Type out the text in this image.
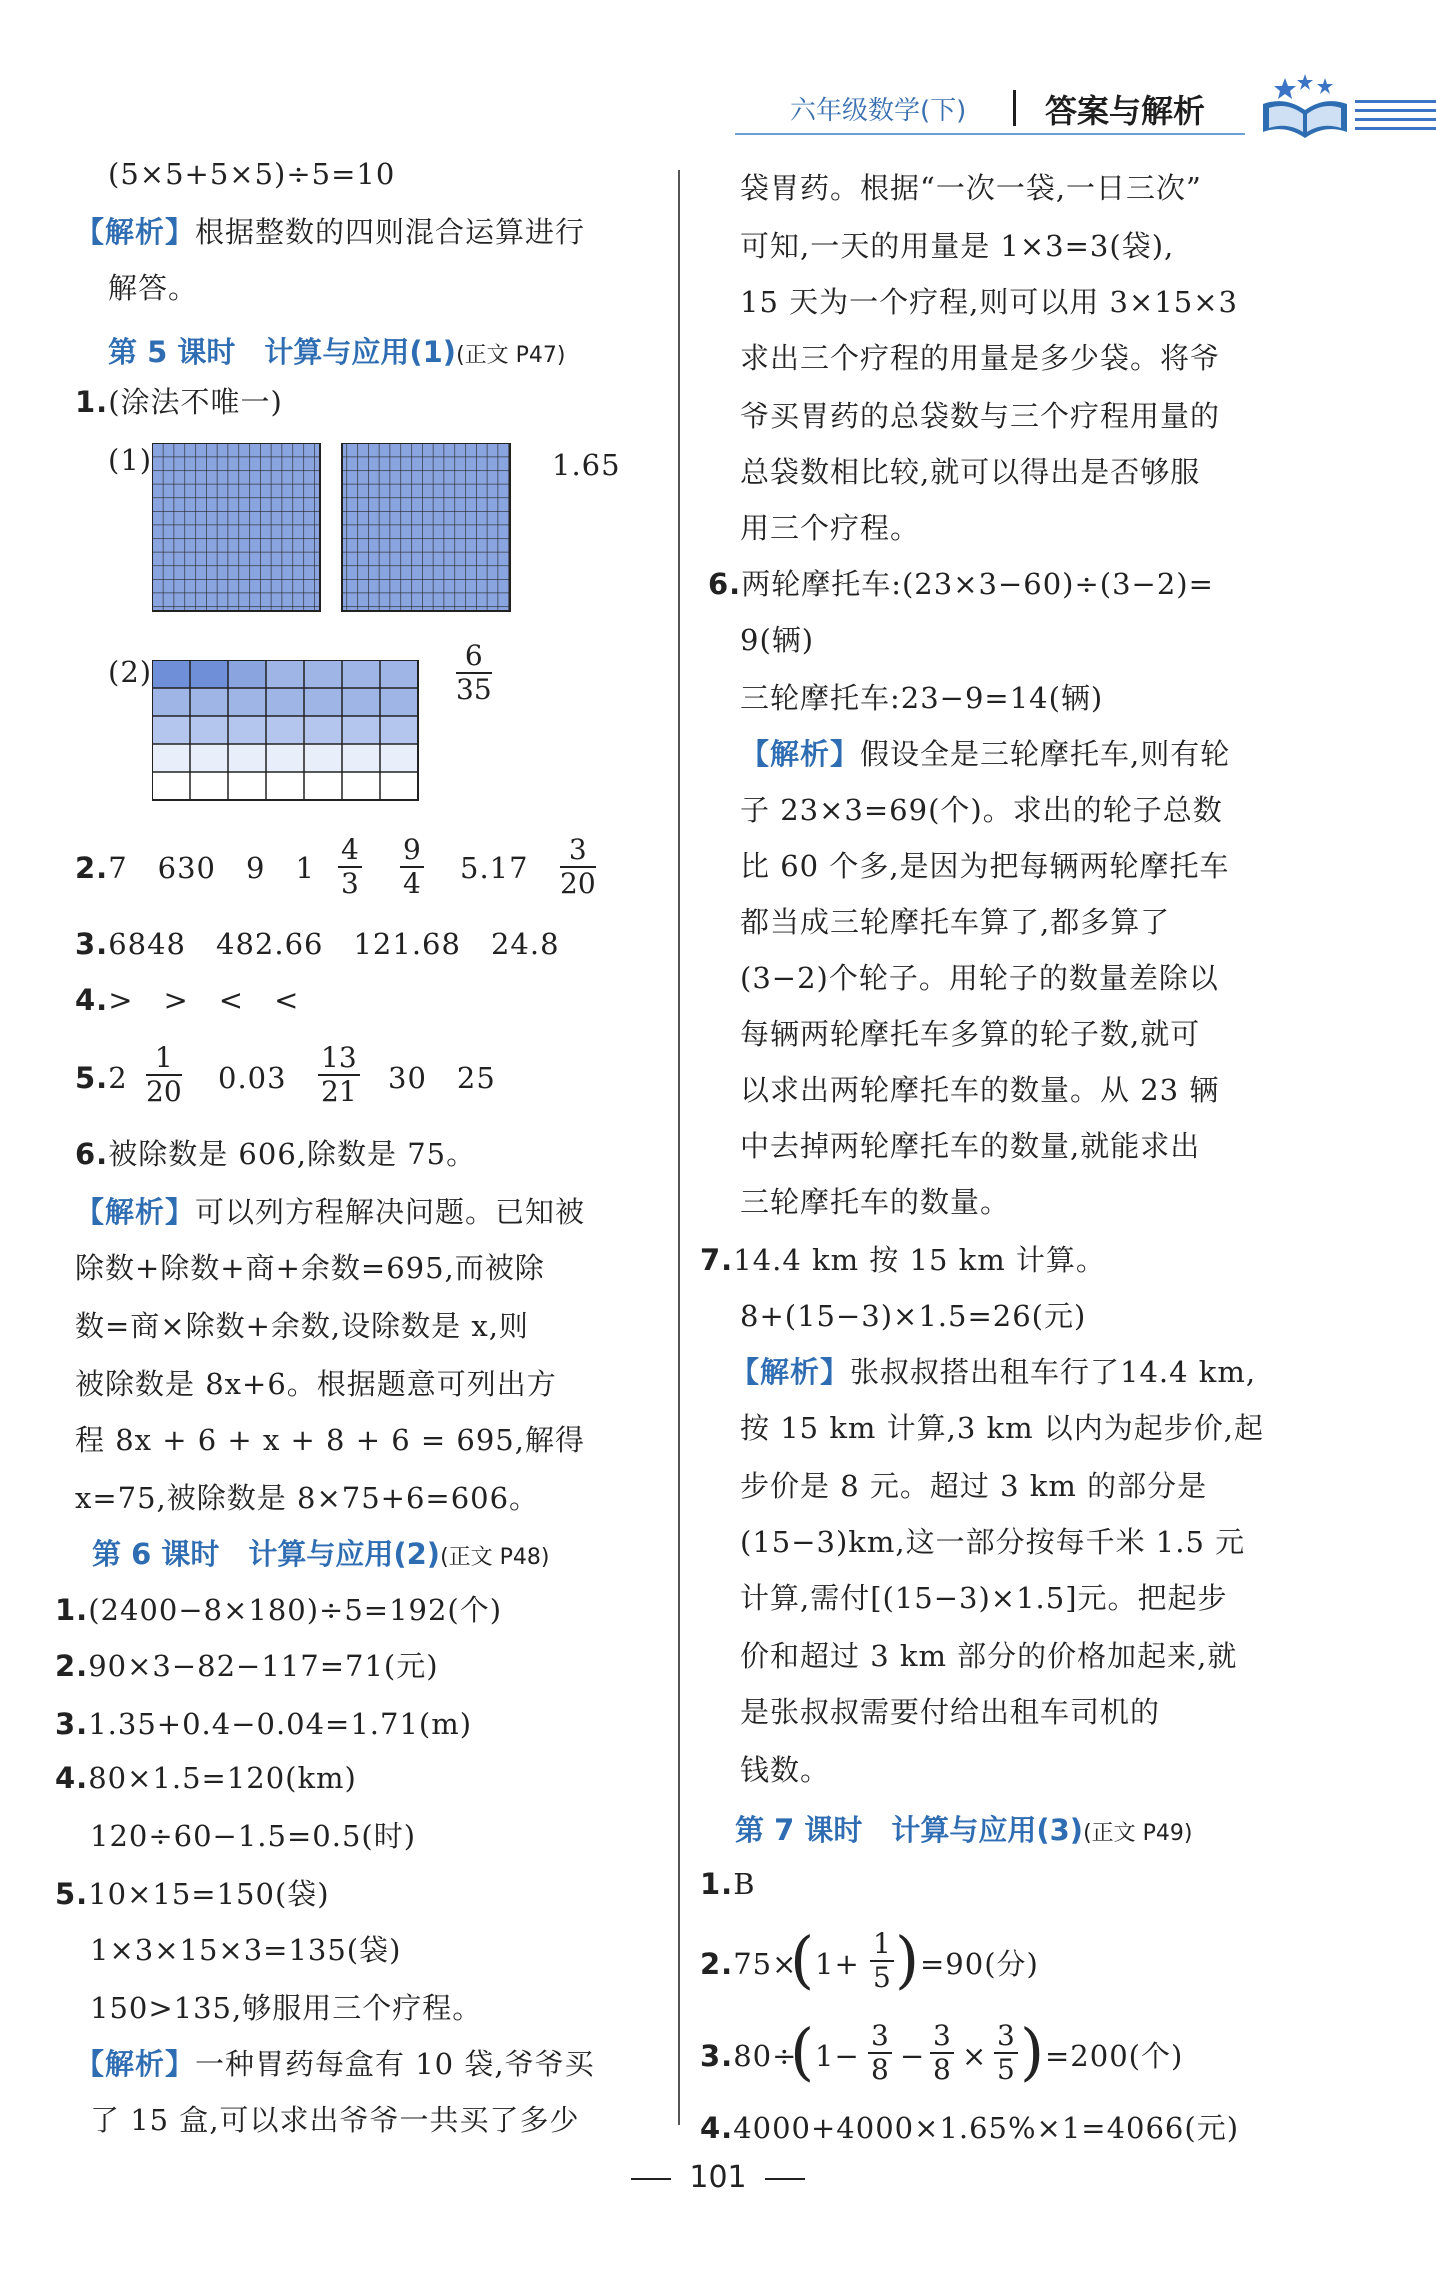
六年级数学(下) 答案与解析
(5×5+5×5)÷5=10
【解析】根据整数的四则混合运算进行
解答。
第 5 课时　计算与应用(1)(正文 P47)
1.(涂法不唯一)
(1)	1.65
(2)	$\frac{6}{35}$
2.7　630　9　$1 \frac{4}{3} \frac{9}{4} 5.17 \frac{3}{20}$
3.6848　482.66　121.68　24.8
4.>　>　<　<
$5.2 \frac{1}{20} 0.03 \frac{13}{21} 30$　25
6.被除数是 606,除数是 75。
【解析】可以列方程解决问题。已知被
除数+除数+商+余数=695,而被除
数=商×除数+余数,设除数是 x,则
被除数是 8x+6。根据题意可列出方
程 8x + 6 + x + 8 + 6 = 695,解得
x=75,被除数是 8×75+6=606。
第 6 课时　计算与应用(2)(正文 P48)
1.(2400−8×180)÷5=192(个)
2.90×3−82−117=71(元)
3.1.35+0.4−0.04=1.71(m)
4.80×1.5=120(km)
120÷60−1.5=0.5(时)
5.10×15=150(袋)
1×3×15×3=135(袋)
150>135,够服用三个疗程。
【解析】一种胃药每盒有 10 袋,爷爷买
了 15 盒,可以求出爷爷一共买了多少
袋胃药。根据“一次一袋,一日三次”
可知,一天的用量是 1×3=3(袋),
15 天为一个疗程,则可以用 3×15×3
求出三个疗程的用量是多少袋。将爷
爷买胃药的总袋数与三个疗程用量的
总袋数相比较,就可以得出是否够服
用三个疗程。
6.两轮摩托车:(23×3−60)÷(3−2)=
9(辆)
三轮摩托车:23−9=14(辆)
【解析】假设全是三轮摩托车,则有轮
子 23×3=69(个)。求出的轮子总数
比 60 个多,是因为把每辆两轮摩托车
都当成三轮摩托车算了,都多算了
(3−2)个轮子。用轮子的数量差除以
每辆两轮摩托车多算的轮子数,就可
以求出两轮摩托车的数量。从 23 辆
中去掉两轮摩托车的数量,就能求出
三轮摩托车的数量。
7.14.4 km 按 15 km 计算。
8+(15−3)×1.5=26(元)
【解析】张叔叔搭出租车行了14.4 km,
按 15 km 计算,3 km 以内为起步价,起
步价是 8 元。超过 3 km 的部分是
(15−3)km,这一部分按每千米 1.5 元
计算,需付[(15−3)×1.5]元。把起步
价和超过 3 km 部分的价格加起来,就
是张叔叔需要付给出租车司机的
钱数。
第 7 课时　计算与应用(3)(正文 P49)
1.B
2.75×
( $1+ \frac{1}{5}$ ) =90(分)
3.80÷
( $1- \frac{3}{8} - \frac{3}{8} \times \frac{3}{5}$ ) =200(个)
4.4000+4000×1.65%×1=4066(元)
101
